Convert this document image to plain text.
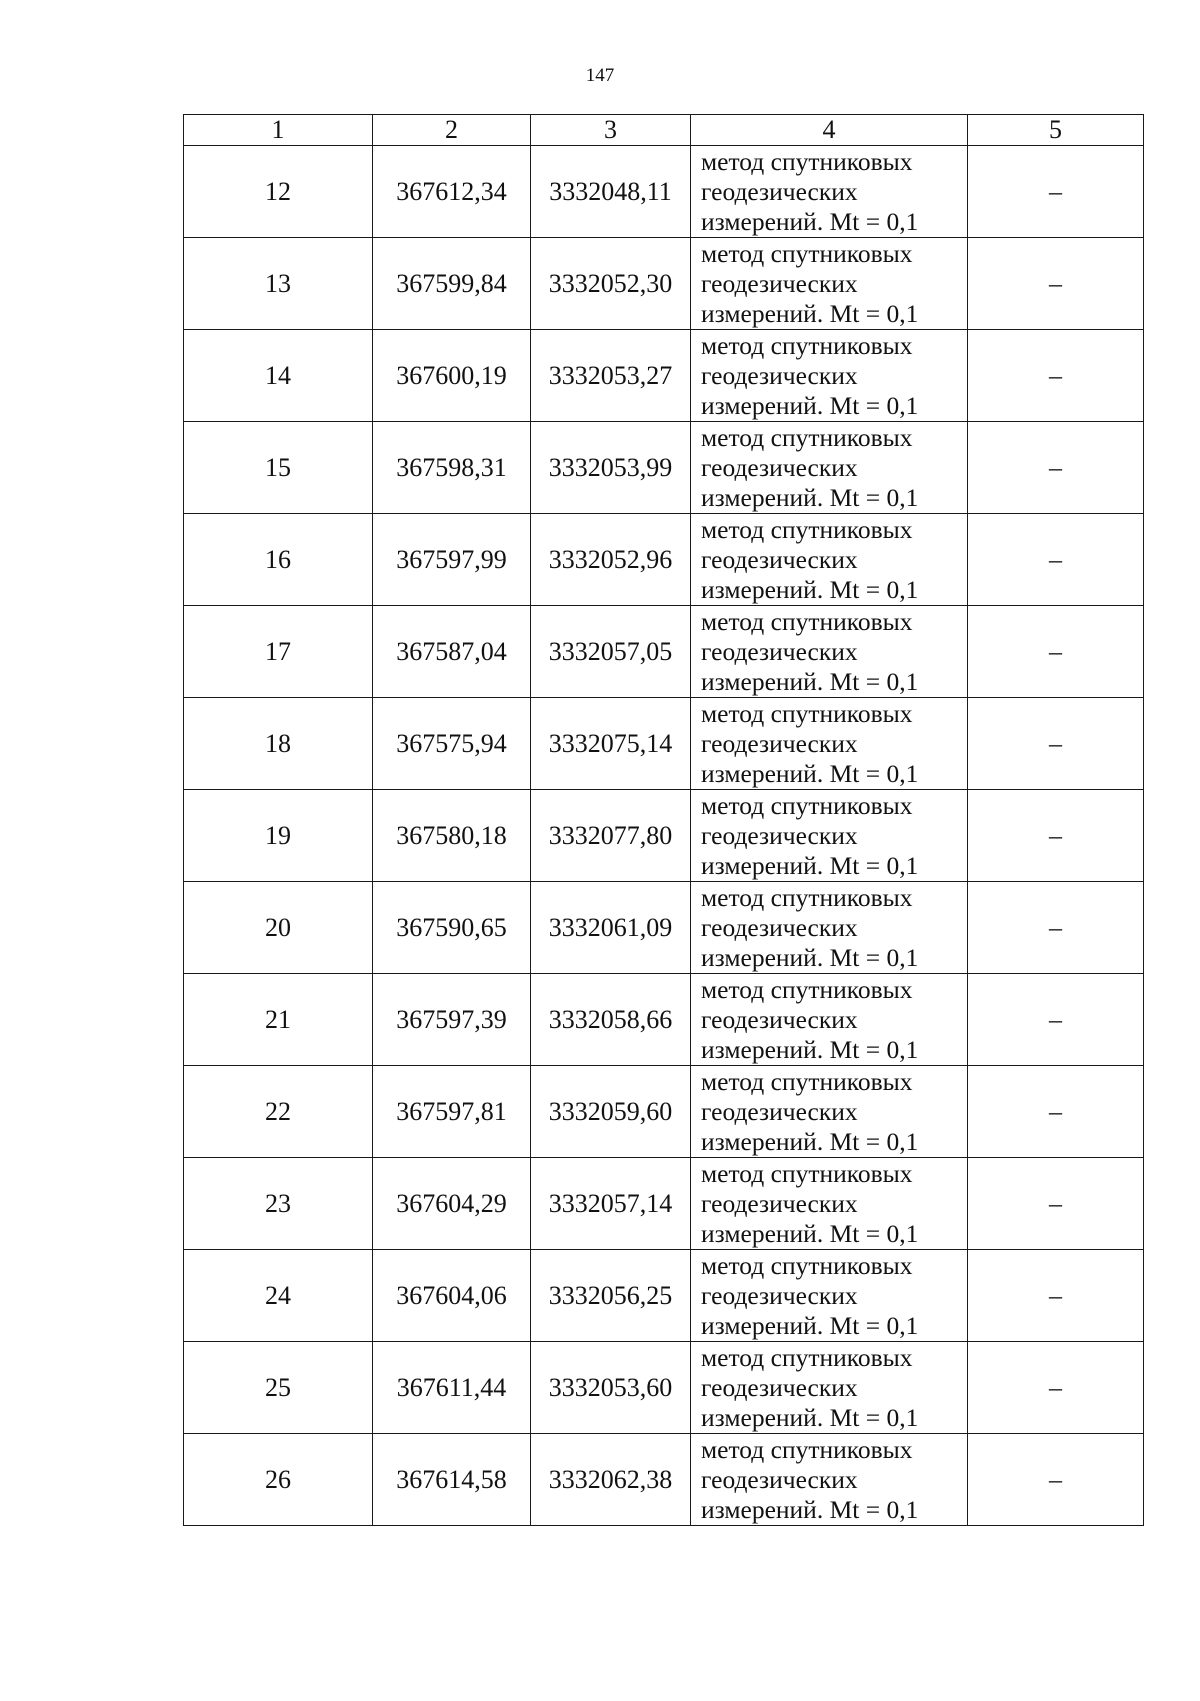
147
1	2	3	4	5
12	367612,34	3332048,11	метод спутниковых
геодезических
измерений. Mt = 0,1	–
13	367599,84	3332052,30	метод спутниковых
геодезических
измерений. Mt = 0,1	–
14	367600,19	3332053,27	метод спутниковых
геодезических
измерений. Mt = 0,1	–
15	367598,31	3332053,99	метод спутниковых
геодезических
измерений. Mt = 0,1	–
16	367597,99	3332052,96	метод спутниковых
геодезических
измерений. Mt = 0,1	–
17	367587,04	3332057,05	метод спутниковых
геодезических
измерений. Mt = 0,1	–
18	367575,94	3332075,14	метод спутниковых
геодезических
измерений. Mt = 0,1	–
19	367580,18	3332077,80	метод спутниковых
геодезических
измерений. Mt = 0,1	–
20	367590,65	3332061,09	метод спутниковых
геодезических
измерений. Mt = 0,1	–
21	367597,39	3332058,66	метод спутниковых
геодезических
измерений. Mt = 0,1	–
22	367597,81	3332059,60	метод спутниковых
геодезических
измерений. Mt = 0,1	–
23	367604,29	3332057,14	метод спутниковых
геодезических
измерений. Mt = 0,1	–
24	367604,06	3332056,25	метод спутниковых
геодезических
измерений. Mt = 0,1	–
25	367611,44	3332053,60	метод спутниковых
геодезических
измерений. Mt = 0,1	–
26	367614,58	3332062,38	метод спутниковых
геодезических
измерений. Mt = 0,1	–
